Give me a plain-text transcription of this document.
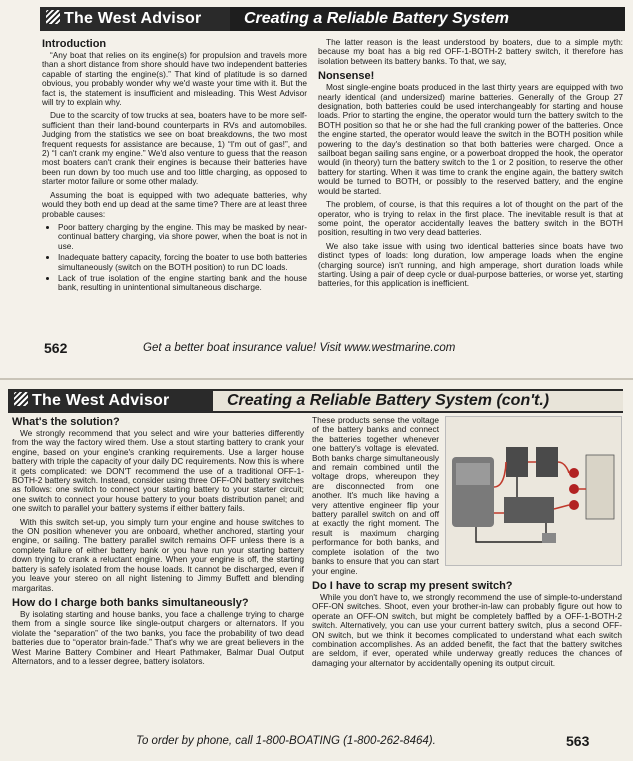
The West Advisor	Creating a Reliable Battery System
Introduction

“Any boat that relies on its engine(s) for propulsion and travels more than a short distance from shore should have two independent batteries capable of starting the engine(s).” That kind of platitude is so darned obvious, you probably wonder why we'd waste your time with it. But the fact is, the statement is insufficient and misleading. This West Advisor will try to explain why.

Due to the scarcity of tow trucks at sea, boaters have to be more self-sufficient than their land-bound counterparts in RVs and automobiles. Judging from the statistics we see on boat breakdowns, the two most frequent requests for assistance are because, 1) “I'm out of gas!”, and 2) “I can't crank my engine.” We'd also venture to guess that the reason most boaters can't crank their engines is because their batteries have been run down by too much use and too little charging, as opposed to starter motor failure or some other malady.

Assuming the boat is equipped with two adequate batteries, why would they both end up dead at the same time? There are at least three probable causes:

• Poor battery charging by the engine. This may be masked by near-continual battery charging, via shore power, when the boat is not in use.
• Inadequate battery capacity, forcing the boater to use both batteries simultaneously (switch on the BOTH position) to run DC loads.
• Lack of true isolation of the engine starting bank and the house bank, resulting in unintentional simultaneous discharge.

The latter reason is the least understood by boaters, due to a simple myth: because my boat has a big red OFF-1-BOTH-2 battery switch, it therefore has isolation between its battery banks. To that, we say,

Nonsense!

Most single-engine boats produced in the last thirty years are equipped with two nearly identical (and undersized) marine batteries. Generally of the Group 27 designation, both batteries could be used interchangeably for starting and house loads. Prior to starting the engine, the operator would turn the battery switch to the BOTH position so that he or she had the full cranking power of the batteries. Once the engine started, the operator would leave the switch in the BOTH position while powering to the day's destination so that both batteries were charged. Once a sailboat began sailing sans engine, or a powerboat dropped the hook, the operator would (in theory) turn the battery switch to the 1 or 2 position, to reserve the other battery for starting. When it was time to crank the engine again, the battery switch would be turned to BOTH, or possibly to the reserved battery, and the engine would be started.

The problem, of course, is that this requires a lot of thought on the part of the operator, who is trying to relax in the first place. The inevitable result is that at some point, the operator accidentally leaves the battery switch in the BOTH position, resulting in two very dead batteries.

We also take issue with using two identical batteries since boats have two distinct types of loads: long duration, low amperage loads when the engine (charging source) isn't running, and high amperage, short duration loads while starting. Using a pair of deep cycle or dual-purpose batteries, or worse yet, starting batteries, for this application is inefficient.

562	Get a better boat insurance value! Visit www.westmarine.com
The West Advisor	Creating a Reliable Battery System (con't.)
What's the solution?

We strongly recommend that you select and wire your batteries differently from the way the factory wired them. Use a stout starting battery to crank your engine, based on your engine's cranking requirements. Use a larger house battery with triple the capacity of your daily DC requirements. Now this is where it gets complicated: we DON'T recommend the use of a traditional OFF-1-BOTH-2 battery switch. Instead, consider using three OFF-ON battery switches as follows: one switch to connect your starting battery to your starter circuit; one switch to connect your house battery to your boats distribution panel; and one switch to parallel your battery systems if either battery fails.

With this switch set-up, you simply turn your engine and house switches to the ON position whenever you are onboard, whether anchored, starting your engine, or sailing. The battery parallel switch remains OFF unless there is a complete failure of either battery bank or you have run your starting battery down trying to crank a reluctant engine. When your engine is off, the starting battery is safely isolated from the house loads. It cannot be discharged, even if you leave your stereo on all night listening to Jimmy Buffett and blending margaritas.

How do I charge both banks simultaneously?

By isolating starting and house banks, you face a challenge trying to charge them from a single source like single-output chargers or alternators. If you violate the “separation” of the two banks, you face the probability of two dead batteries due to “operator brain-fade.” That's why we are great believers in the West Marine Battery Combiner and Heart Pathmaker, Balmar Dual Output Alternators, and to a lesser degree, battery isolators.

These products sense the voltage of the battery banks and connect the batteries together whenever one battery's voltage is elevated. Both banks charge simultaneously and remain combined until the voltage drops, whereupon they are disconnected from one another. It's much like having a very attentive engineer flip your battery parallel switch on and off at exactly the right moment. The result is maximum charging performance for both banks, and complete isolation of the two banks to ensure that you can start your engine.

Do I have to scrap my present switch?

While you don't have to, we strongly recommend the use of simple-to-understand OFF-ON switches. Shoot, even your brother-in-law can probably figure out how to operate an OFF-ON switch, but might be completely baffled by a OFF-1-BOTH-2 switch. Alternatively, you can use your current battery switch, plus a second OFF-ON switch, but we think it becomes complicated to understand what each switch combination accomplishes. As an added benefit, the fact that the battery switches are seldom, if ever, operated while underway greatly reduces the chances of damaging your alternator by accidentally opening its output circuit.

To order by phone, call 1-800-BOATING (1-800-262-8464).	563
